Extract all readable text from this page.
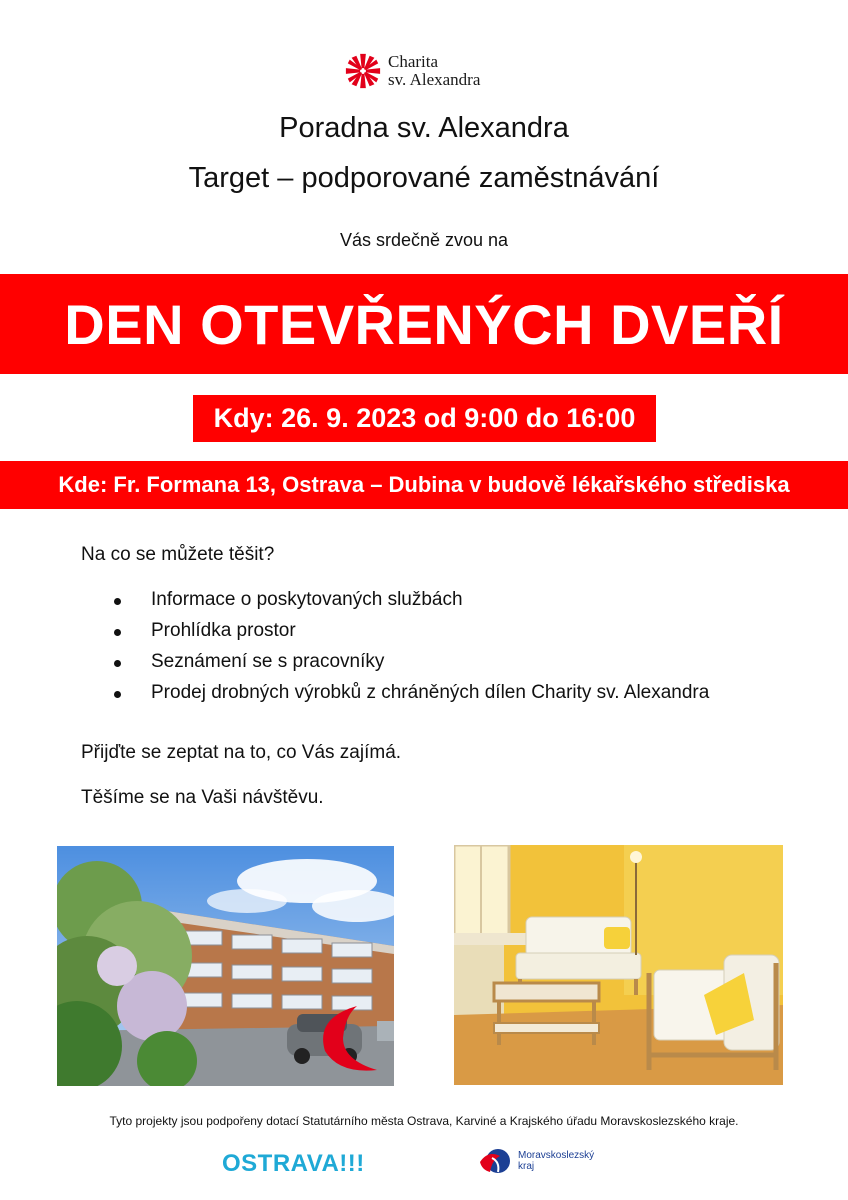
Charita
sv. Alexandra
Poradna sv. Alexandra
Target – podporované zaměstnávání
Vás srdečně zvou na
DEN OTEVŘENÝCH DVEŘÍ
Kdy: 26. 9. 2023 od 9:00 do 16:00
Kde: Fr. Formana 13, Ostrava – Dubina v budově lékařského střediska
Na co se můžete těšit?
Informace o poskytovaných službách
Prohlídka prostor
Seznámení se s pracovníky
Prodej drobných výrobků z chráněných dílen Charity sv. Alexandra
Přijďte se zeptat na to, co Vás zajímá.
Těšíme se na Vaši návštěvu.
Tyto projekty jsou podpořeny dotací Statutárního města Ostrava, Karviné a Krajského úřadu Moravskoslezského kraje.
OSTRAVA!!!	Moravskoslezský
kraj
